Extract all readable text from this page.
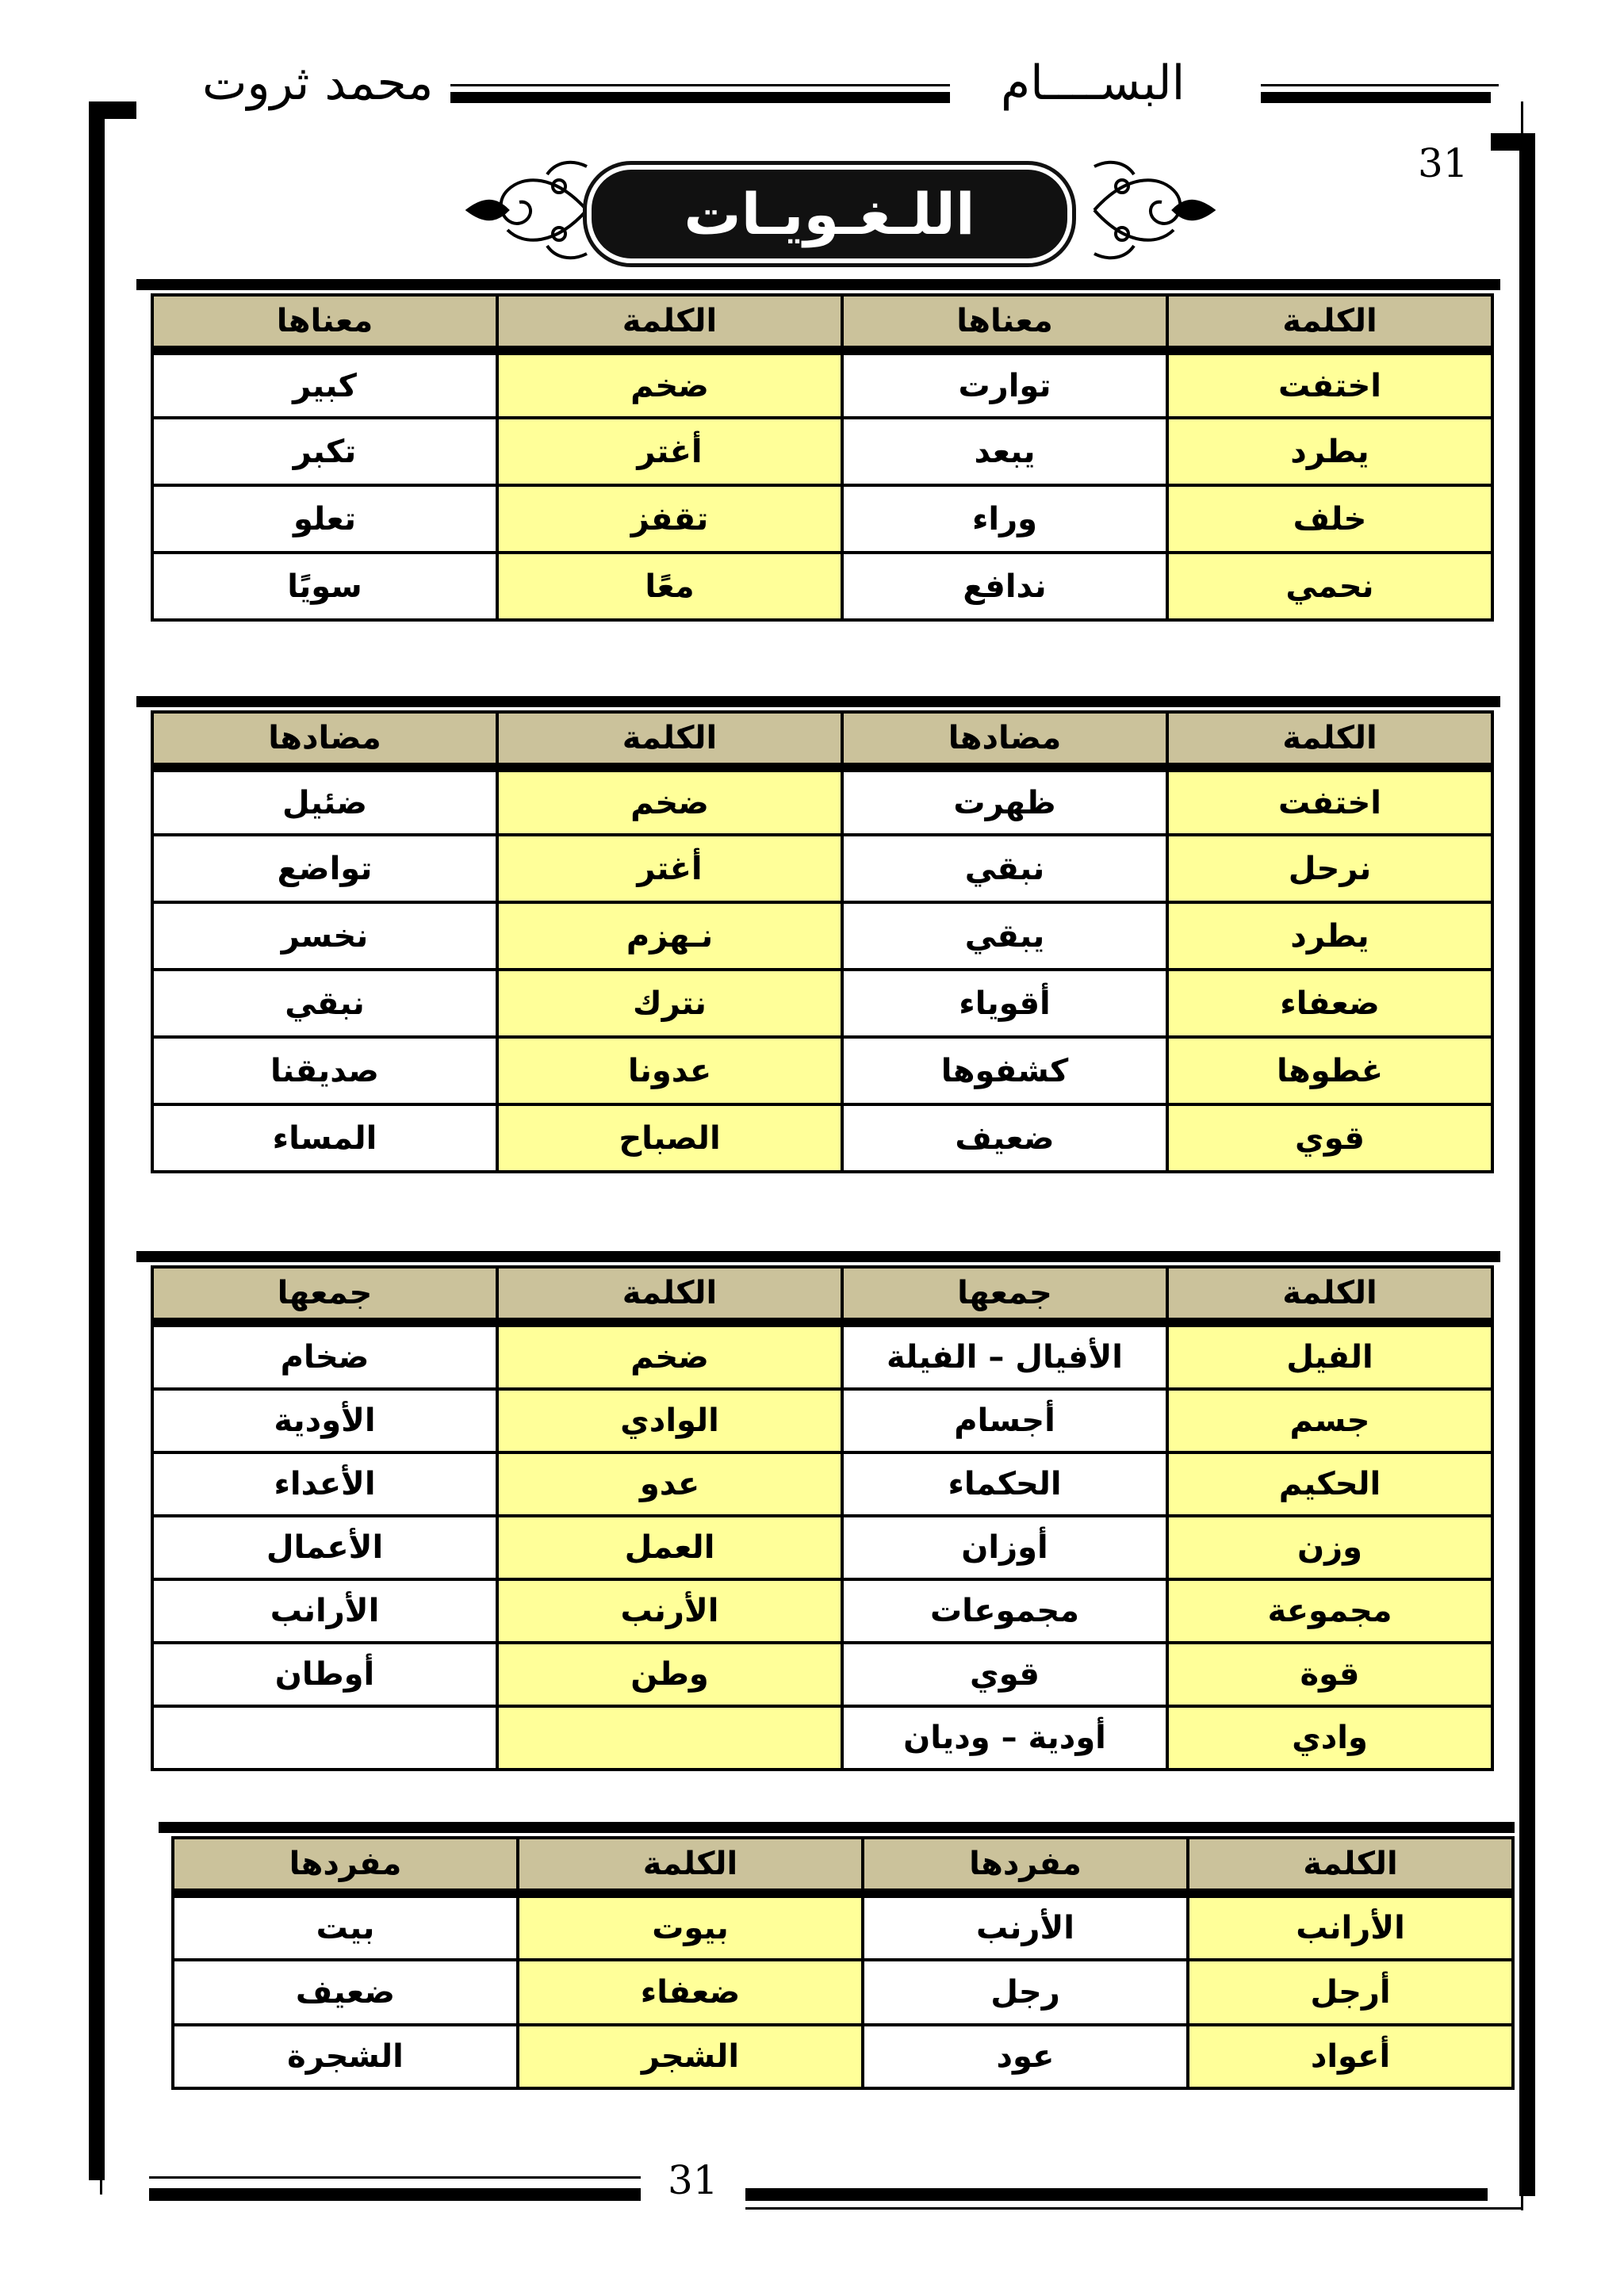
محمد ثروت	البســــام
31
31
اللـغـويـات
الكلمة	معناها	الكلمة	معناها
اختفت	توارت	ضخم	كبير
يطرد	يبعد	أغتر	تكبر
خلف	وراء	تقفز	تعلو
نحمي	ندافع	معًا	سويًا
الكلمة	مضادها	الكلمة	مضادها
اختفت	ظهرت	ضخم	ضئيل
نرحل	نبقي	أغتر	تواضع
يطرد	يبقي	نـهزم	نخسر
ضعفاء	أقوياء	نترك	نبقي
غطوها	كشفوها	عدونا	صديقنا
قوي	ضعيف	الصباح	المساء
الكلمة	جمعها	الكلمة	جمعها
الفيل	الأفيال – الفيلة	ضخم	ضخام
جسم	أجسام	الوادي	الأودية
الحكيم	الحكماء	عدو	الأعداء
وزن	أوزان	العمل	الأعمال
مجموعة	مجموعات	الأرنب	الأرانب
قوة	قوي	وطن	أوطان
وادي	أودية – وديان		
الكلمة	مفردها	الكلمة	مفردها
الأرانب	الأرنب	بيوت	بيت
أرجل	رجل	ضعفاء	ضعيف
أعواد	عود	الشجر	الشجرة
